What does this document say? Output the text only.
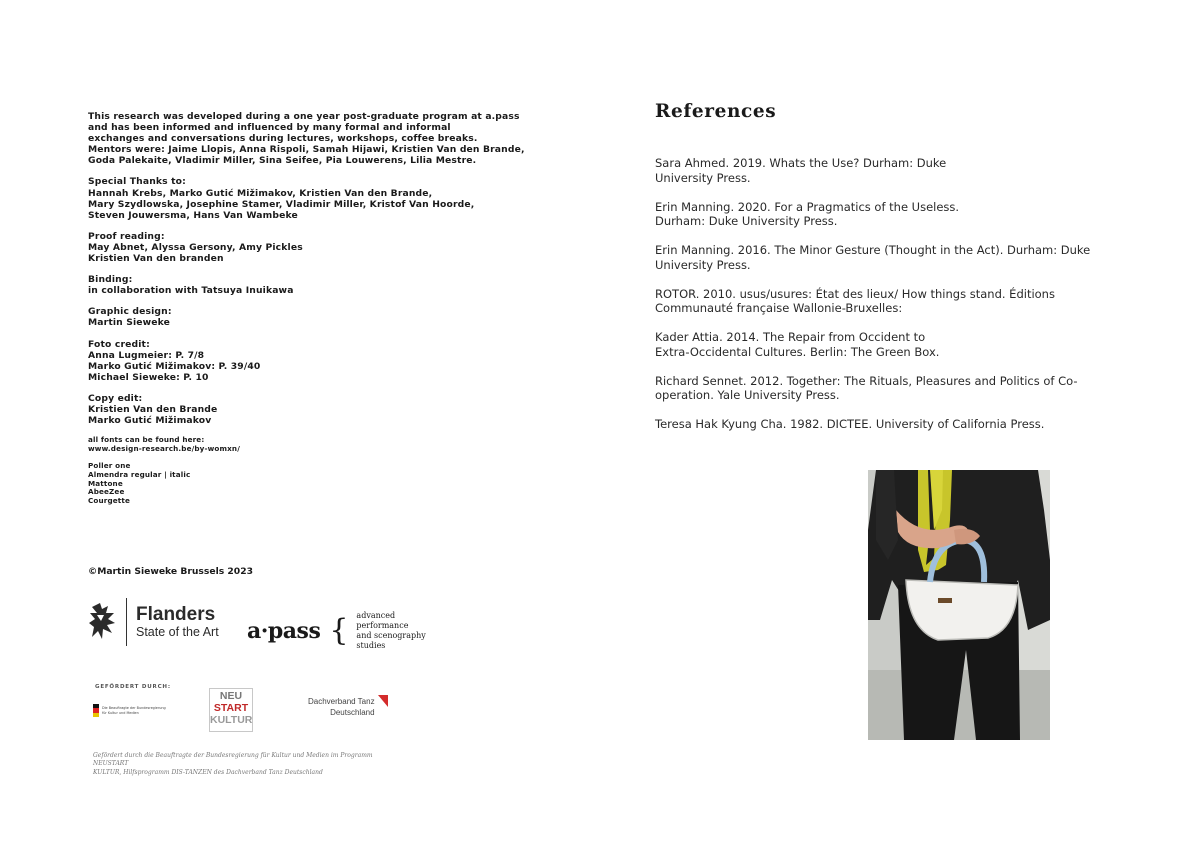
This research was developed during a one year post-graduate program at a.pass
and has been informed and influenced by many formal and informal
exchanges and conversations during lectures, workshops, coffee breaks.
Mentors were: Jaime Llopis, Anna Rispoli, Samah Hijawi, Kristien Van den Brande,
Goda Palekaite, Vladimir Miller, Sina Seifee, Pia Louwerens, Lilia Mestre.

Special Thanks to:
Hannah Krebs, Marko Gutić Mižimakov, Kristien Van den Brande,
Mary Szydlowska, Josephine Stamer, Vladimir Miller, Kristof Van Hoorde,
Steven Jouwersma, Hans Van Wambeke

Proof reading:
May Abnet, Alyssa Gersony, Amy Pickles
Kristien Van den branden

Binding:
in collaboration with Tatsuya Inuikawa

Graphic design:
Martin Sieweke

Foto credit:
Anna Lugmeier: P. 7/8
Marko Gutić Mižimakov: P. 39/40
Michael Sieweke: P. 10

Copy edit:
Kristien Van den Brande
Marko Gutić Mižimakov

all fonts can be found here:
www.design-research.be/by-womxn/

Poller one
Almendra regular | italic
Mattone
AbeeZee
Courgette

©Martin Sieweke Brussels 2023
Flanders
State of the Art a·pass { advanced performance
and scenography studies
GEFÖRDERT DURCH:
Die Beauftragte der Bundesregierung
für Kultur und Medien
NEU
START
KULTUR
Dachverband Tanz
Deutschland
Gefördert durch die Beauftragte der Bundesregierung für Kultur und Medien im Programm NEUSTART
KULTUR, Hilfsprogramm DIS-TANZEN des Dachverband Tanz Deutschland
References
Sara Ahmed. 2019. Whats the Use? Durham: Duke
University Press.
Erin Manning. 2020. For a Pragmatics of the Useless.
Durham: Duke University Press.
Erin Manning. 2016. The Minor Gesture (Thought in the Act). Durham: Duke
University Press.
ROTOR. 2010. usus/usures: État des lieux/ How things stand. Éditions
Communauté française Wallonie-Bruxelles:
Kader Attia. 2014. The Repair from Occident to
Extra-Occidental Cultures. Berlin: The Green Box.
Richard Sennet. 2012. Together: The Rituals, Pleasures and Politics of Co-
operation. Yale University Press.
Teresa Hak Kyung Cha. 1982. DICTEE. University of California Press.
